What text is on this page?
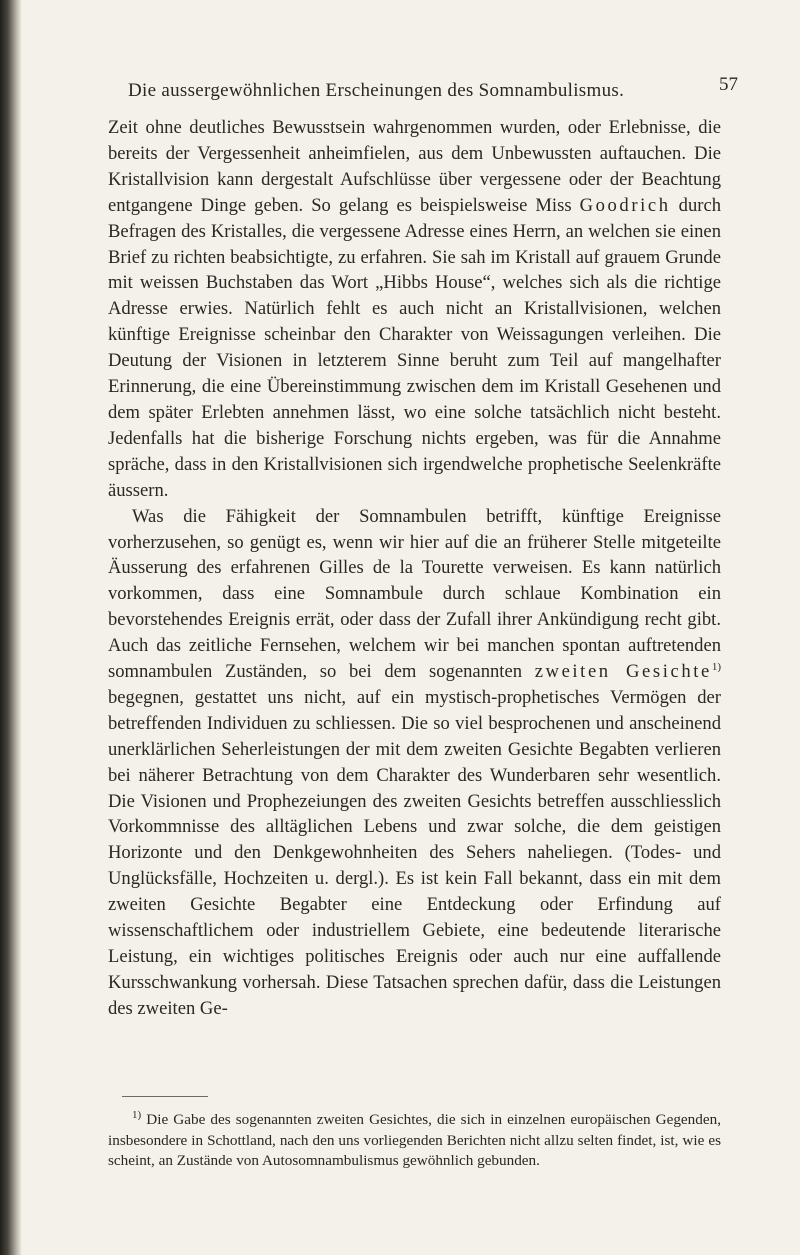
Die aussergewöhnlichen Erscheinungen des Somnambulismus.	57

Zeit ohne deutliches Bewusstsein wahrgenommen wurden, oder Erlebnisse, die bereits der Vergessenheit anheimfielen, aus dem Unbewussten auftauchen. Die Kristallvision kann dergestalt Aufschlüsse über vergessene oder der Beachtung entgangene Dinge geben. So gelang es beispielsweise Miss Goodrich durch Befragen des Kristalles, die vergessene Adresse eines Herrn, an welchen sie einen Brief zu richten beabsichtigte, zu erfahren. Sie sah im Kristall auf grauem Grunde mit weissen Buchstaben das Wort „Hibbs House“, welches sich als die richtige Adresse erwies. Natürlich fehlt es auch nicht an Kristallvisionen, welchen künftige Ereignisse scheinbar den Charakter von Weissagungen verleihen. Die Deutung der Visionen in letzterem Sinne beruht zum Teil auf mangelhafter Erinnerung, die eine Übereinstimmung zwischen dem im Kristall Gesehenen und dem später Erlebten annehmen lässt, wo eine solche tatsächlich nicht besteht. Jedenfalls hat die bisherige Forschung nichts ergeben, was für die Annahme spräche, dass in den Kristallvisionen sich irgendwelche prophetische Seelenkräfte äussern.

Was die Fähigkeit der Somnambulen betrifft, künftige Ereignisse vorherzusehen, so genügt es, wenn wir hier auf die an früherer Stelle mitgeteilte Äusserung des erfahrenen Gilles de la Tourette verweisen. Es kann natürlich vorkommen, dass eine Somnambule durch schlaue Kombination ein bevorstehendes Ereignis errät, oder dass der Zufall ihrer Ankündigung recht gibt. Auch das zeitliche Fernsehen, welchem wir bei manchen spontan auftretenden somnambulen Zuständen, so bei dem sogenannten zweiten Gesichte$^{1)}$ begegnen, gestattet uns nicht, auf ein mystisch-prophetisches Vermögen der betreffenden Individuen zu schliessen. Die so viel besprochenen und anscheinend unerklärlichen Seherleistungen der mit dem zweiten Gesichte Begabten verlieren bei näherer Betrachtung von dem Charakter des Wunderbaren sehr wesentlich. Die Visionen und Prophezeiungen des zweiten Gesichts betreffen ausschliesslich Vorkommnisse des alltäglichen Lebens und zwar solche, die dem geistigen Horizonte und den Denkgewohnheiten des Sehers naheliegen. (Todes- und Unglücksfälle, Hochzeiten u. dergl.). Es ist kein Fall bekannt, dass ein mit dem zweiten Gesichte Begabter eine Entdeckung oder Erfindung auf wissenschaftlichem oder industriellem Gebiete, eine bedeutende literarische Leistung, ein wichtiges politisches Ereignis oder auch nur eine auffallende Kursschwankung vorhersah. Diese Tatsachen sprechen dafür, dass die Leistungen des zweiten Ge-

$^{1)}$ Die Gabe des sogenannten zweiten Gesichtes, die sich in einzelnen europäischen Gegenden, insbesondere in Schottland, nach den uns vorliegenden Berichten nicht allzu selten findet, ist, wie es scheint, an Zustände von Autosomnambulismus gewöhnlich gebunden.
